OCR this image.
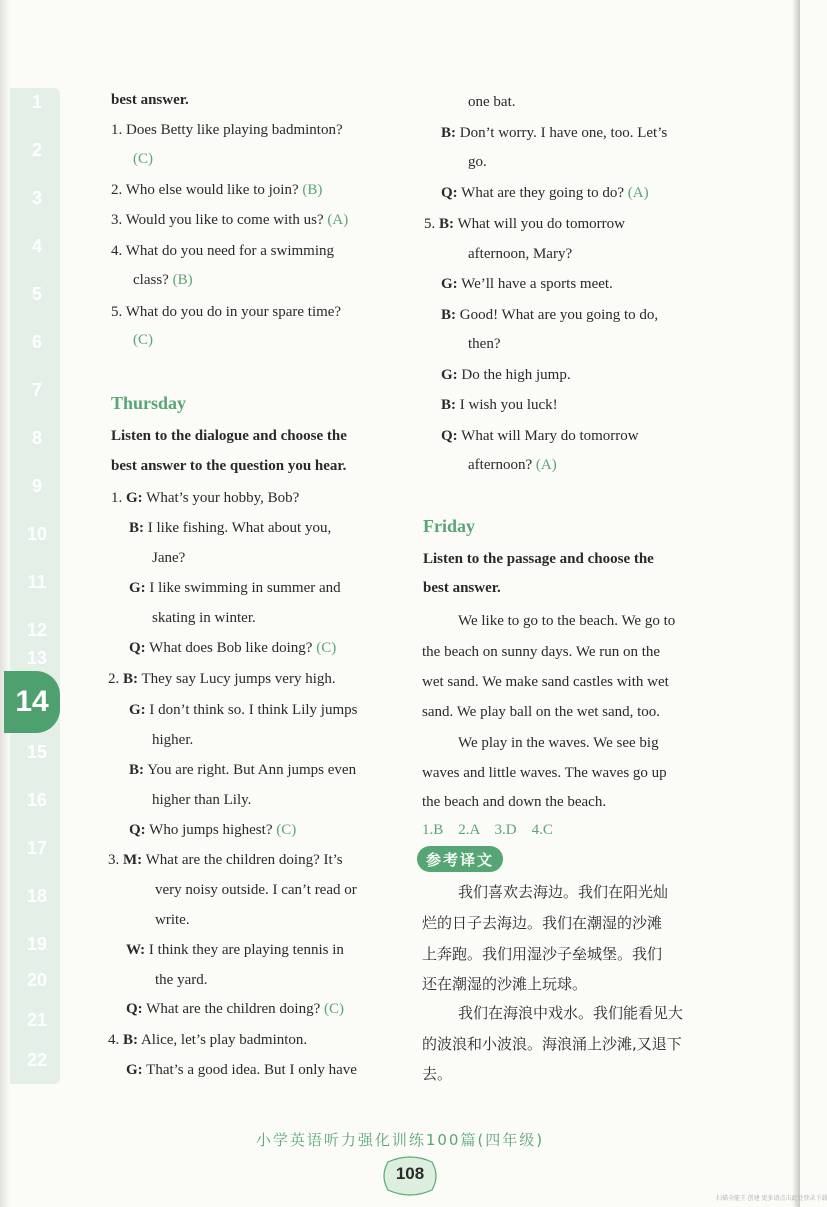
1
2
3
4
5
6
7
8
9
10
11
12
13
15
16
17
18
19
20
21
22
14
best answer.
1. Does Betty like playing badminton?
(C)
2. Who else would like to join? (B)
3. Would you like to come with us? (A)
4. What do you need for a swimming
class? (B)
5. What do you do in your spare time?
(C)
Thursday
Listen to the dialogue and choose the
best answer to the question you hear.
1. G: What’s your hobby, Bob?
B: I like fishing. What about you,
Jane?
G: I like swimming in summer and
skating in winter.
Q: What does Bob like doing? (C)
2. B: They say Lucy jumps very high.
G: I don’t think so. I think Lily jumps
higher.
B: You are right. But Ann jumps even
higher than Lily.
Q: Who jumps highest? (C)
3. M: What are the children doing? It’s
very noisy outside. I can’t read or
write.
W: I think they are playing tennis in
the yard.
Q: What are the children doing? (C)
4. B: Alice, let’s play badminton.
G: That’s a good idea. But I only have
one bat.
B: Don’t worry. I have one, too. Let’s
go.
Q: What are they going to do? (A)
5. B: What will you do tomorrow
afternoon, Mary?
G: We’ll have a sports meet.
B: Good! What are you going to do,
then?
G: Do the high jump.
B: I wish you luck!
Q: What will Mary do tomorrow
afternoon? (A)
Friday
Listen to the passage and choose the
best answer.
We like to go to the beach. We go to
the beach on sunny days. We run on the
wet sand. We make sand castles with wet
sand. We play ball on the wet sand, too.
We play in the waves. We see big
waves and little waves. The waves go up
the beach and down the beach.
1.B    2.A    3.D    4.C
参考译文
我们喜欢去海边。我们在阳光灿
烂的日子去海边。我们在潮湿的沙滩
上奔跑。我们用湿沙子垒城堡。我们
还在潮湿的沙滩上玩球。
我们在海浪中戏水。我们能看见大
的波浪和小波浪。海浪涌上沙滩,又退下
去。
小学英语听力强化训练100篇(四年级)
108
扫描全能王 创建 更多请点击此处登录下载
